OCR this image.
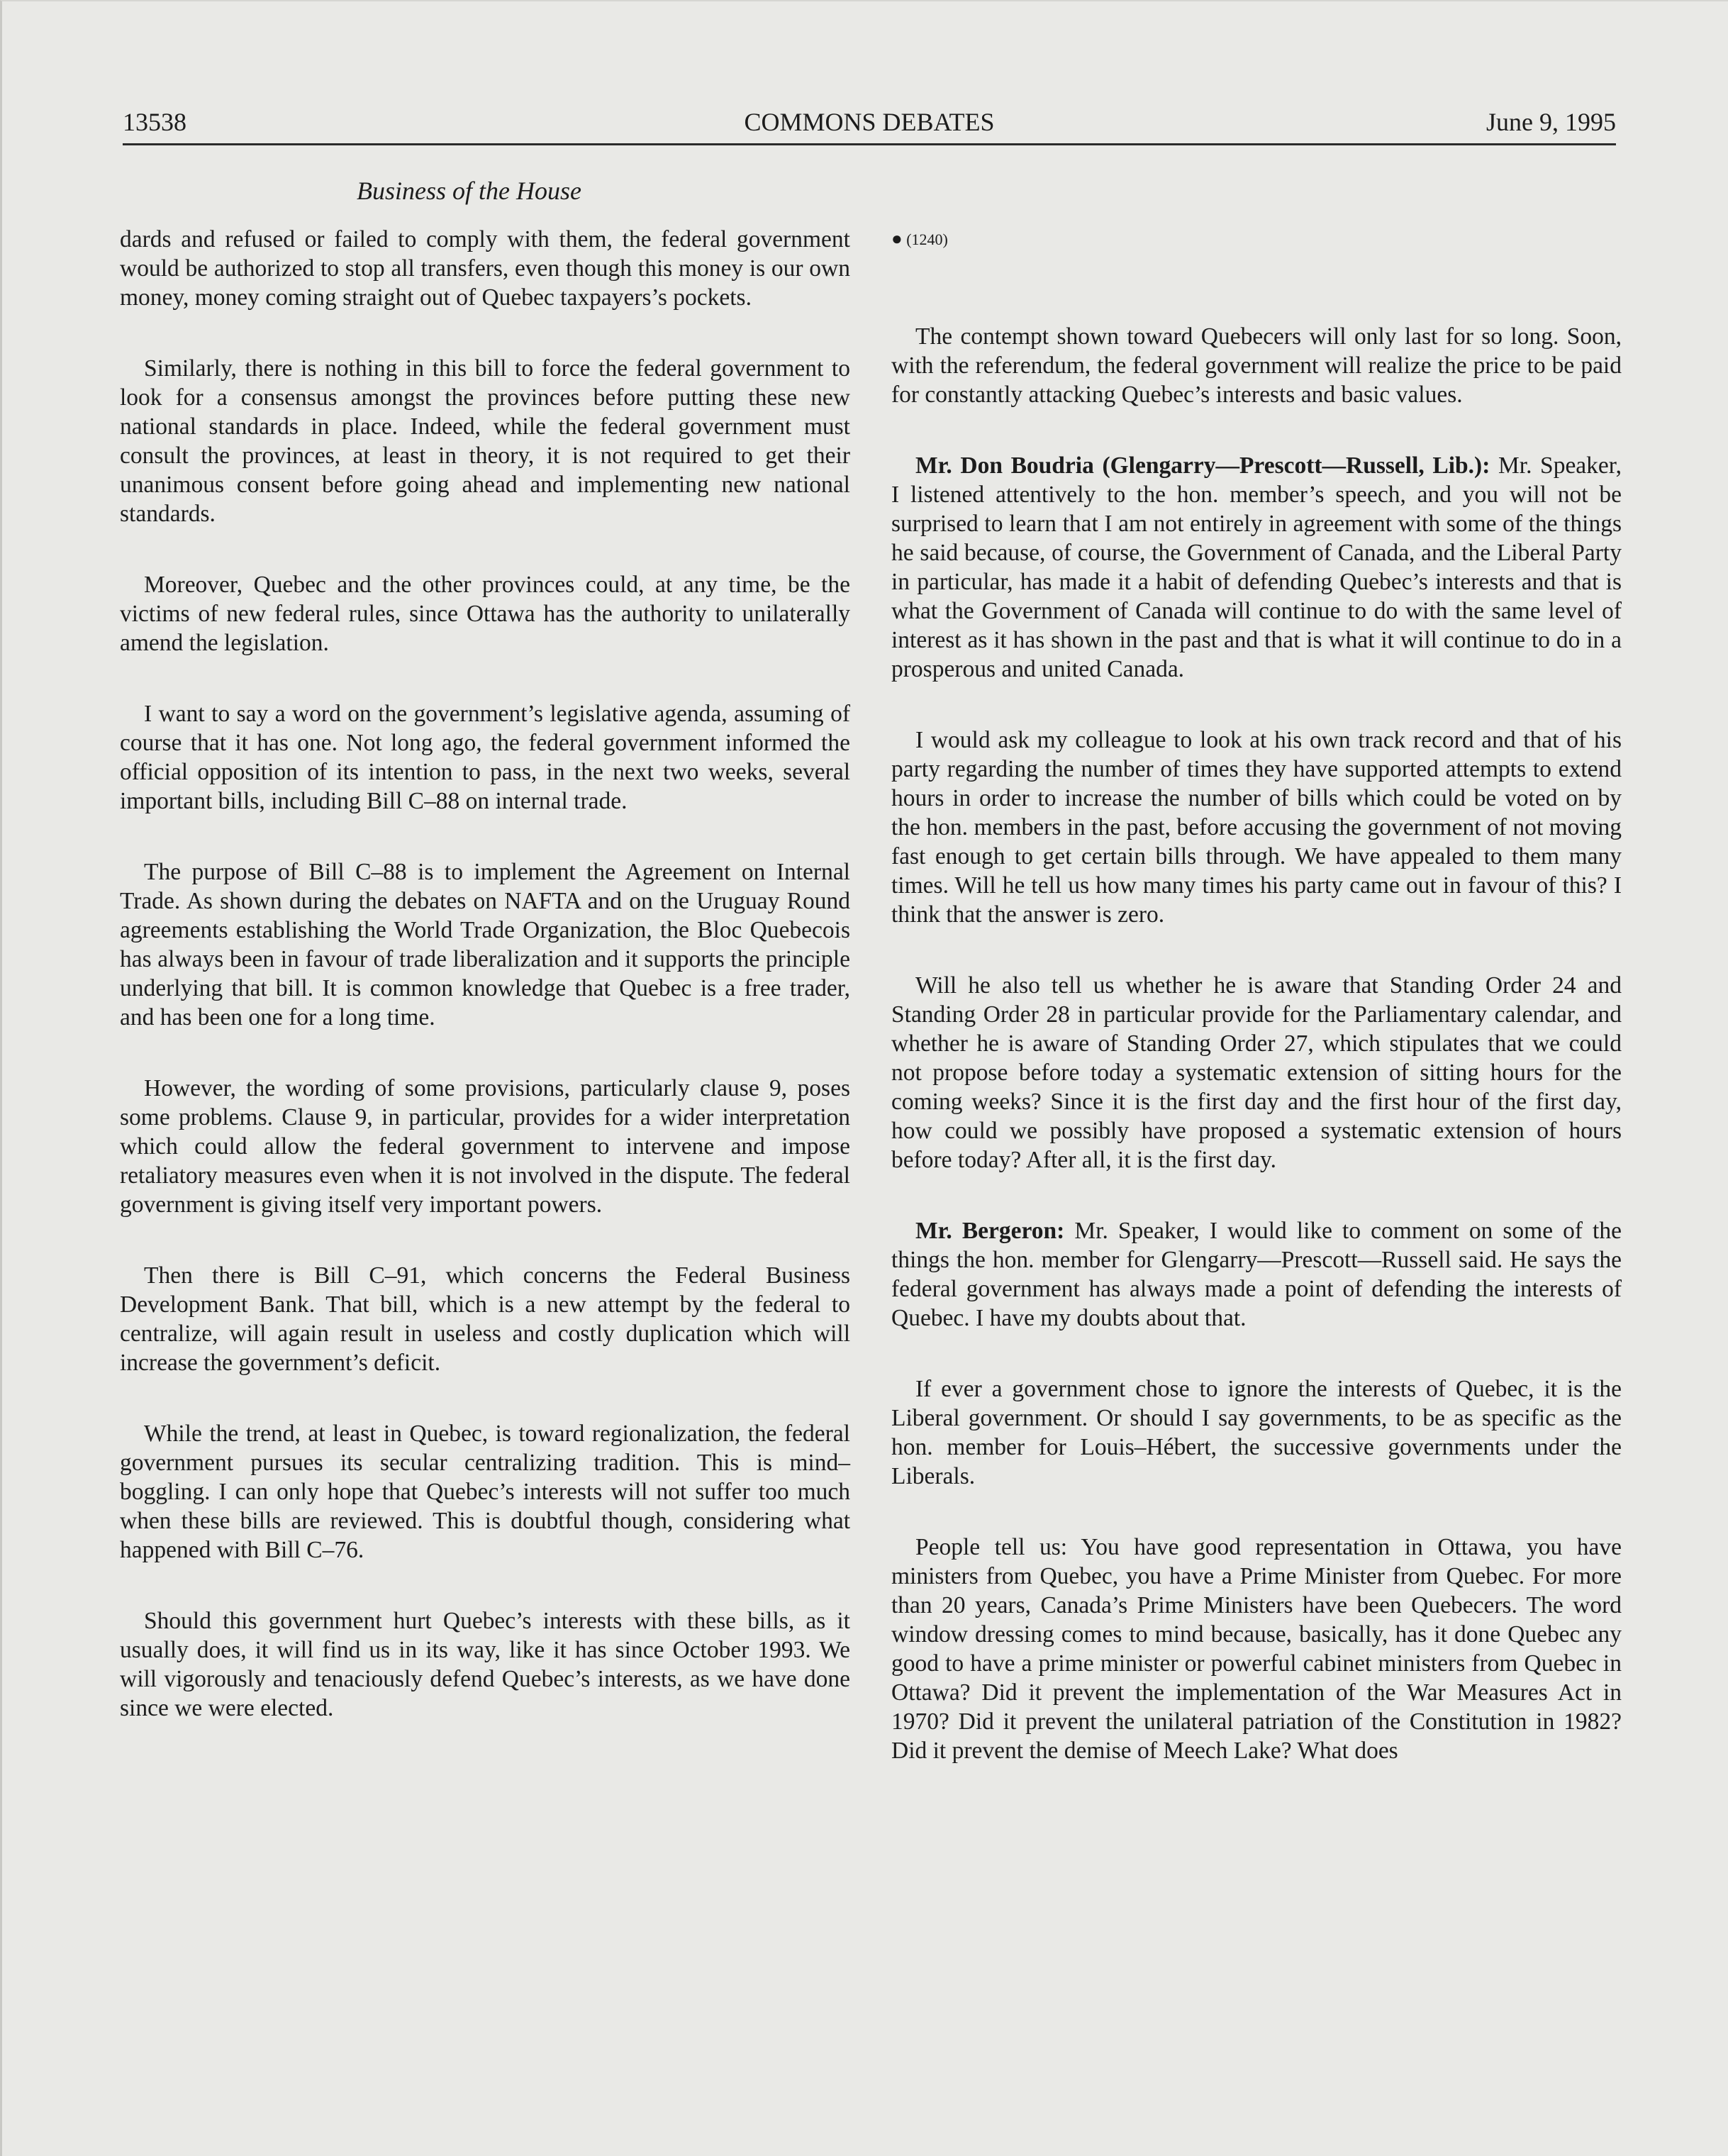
13538	COMMONS DEBATES	June 9, 1995
Business of the House

dards and refused or failed to comply with them, the federal government would be authorized to stop all transfers, even though this money is our own money, money coming straight out of Quebec taxpayers’s pockets.

Similarly, there is nothing in this bill to force the federal government to look for a consensus amongst the provinces before putting these new national standards in place. Indeed, while the federal government must consult the provinces, at least in theory, it is not required to get their unanimous consent before going ahead and implementing new national standards.

Moreover, Quebec and the other provinces could, at any time, be the victims of new federal rules, since Ottawa has the authority to unilaterally amend the legislation.

I want to say a word on the government’s legislative agenda, assuming of course that it has one. Not long ago, the federal government informed the official opposition of its intention to pass, in the next two weeks, several important bills, including Bill C–88 on internal trade.

The purpose of Bill C–88 is to implement the Agreement on Internal Trade. As shown during the debates on NAFTA and on the Uruguay Round agreements establishing the World Trade Organization, the Bloc Quebecois has always been in favour of trade liberalization and it supports the principle underlying that bill. It is common knowledge that Quebec is a free trader, and has been one for a long time.

However, the wording of some provisions, particularly clause 9, poses some problems. Clause 9, in particular, provides for a wider interpretation which could allow the federal government to intervene and impose retaliatory measures even when it is not involved in the dispute. The federal government is giving itself very important powers.

Then there is Bill C–91, which concerns the Federal Business Development Bank. That bill, which is a new attempt by the federal to centralize, will again result in useless and costly duplication which will increase the government’s deficit.

While the trend, at least in Quebec, is toward regionalization, the federal government pursues its secular centralizing tradition. This is mind–boggling. I can only hope that Quebec’s interests will not suffer too much when these bills are reviewed. This is doubtful though, considering what happened with Bill C–76.

Should this government hurt Quebec’s interests with these bills, as it usually does, it will find us in its way, like it has since October 1993. We will vigorously and tenaciously defend Quebec’s interests, as we have done since we were elected.

● (1240)

The contempt shown toward Quebecers will only last for so long. Soon, with the referendum, the federal government will realize the price to be paid for constantly attacking Quebec’s interests and basic values.

Mr. Don Boudria (Glengarry—Prescott—Russell, Lib.): Mr. Speaker, I listened attentively to the hon. member’s speech, and you will not be surprised to learn that I am not entirely in agreement with some of the things he said because, of course, the Government of Canada, and the Liberal Party in particular, has made it a habit of defending Quebec’s interests and that is what the Government of Canada will continue to do with the same level of interest as it has shown in the past and that is what it will continue to do in a prosperous and united Canada.

I would ask my colleague to look at his own track record and that of his party regarding the number of times they have supported attempts to extend hours in order to increase the number of bills which could be voted on by the hon. members in the past, before accusing the government of not moving fast enough to get certain bills through. We have appealed to them many times. Will he tell us how many times his party came out in favour of this? I think that the answer is zero.

Will he also tell us whether he is aware that Standing Order 24 and Standing Order 28 in particular provide for the Parliamentary calendar, and whether he is aware of Standing Order 27, which stipulates that we could not propose before today a systematic extension of sitting hours for the coming weeks? Since it is the first day and the first hour of the first day, how could we possibly have proposed a systematic extension of hours before today? After all, it is the first day.

Mr. Bergeron: Mr. Speaker, I would like to comment on some of the things the hon. member for Glengarry—Prescott—Russell said. He says the federal government has always made a point of defending the interests of Quebec. I have my doubts about that.

If ever a government chose to ignore the interests of Quebec, it is the Liberal government. Or should I say governments, to be as specific as the hon. member for Louis–Hébert, the successive governments under the Liberals.

People tell us: You have good representation in Ottawa, you have ministers from Quebec, you have a Prime Minister from Quebec. For more than 20 years, Canada’s Prime Ministers have been Quebecers. The word window dressing comes to mind because, basically, has it done Quebec any good to have a prime minister or powerful cabinet ministers from Quebec in Ottawa? Did it prevent the implementation of the War Measures Act in 1970? Did it prevent the unilateral patriation of the Constitution in 1982? Did it prevent the demise of Meech Lake? What does
